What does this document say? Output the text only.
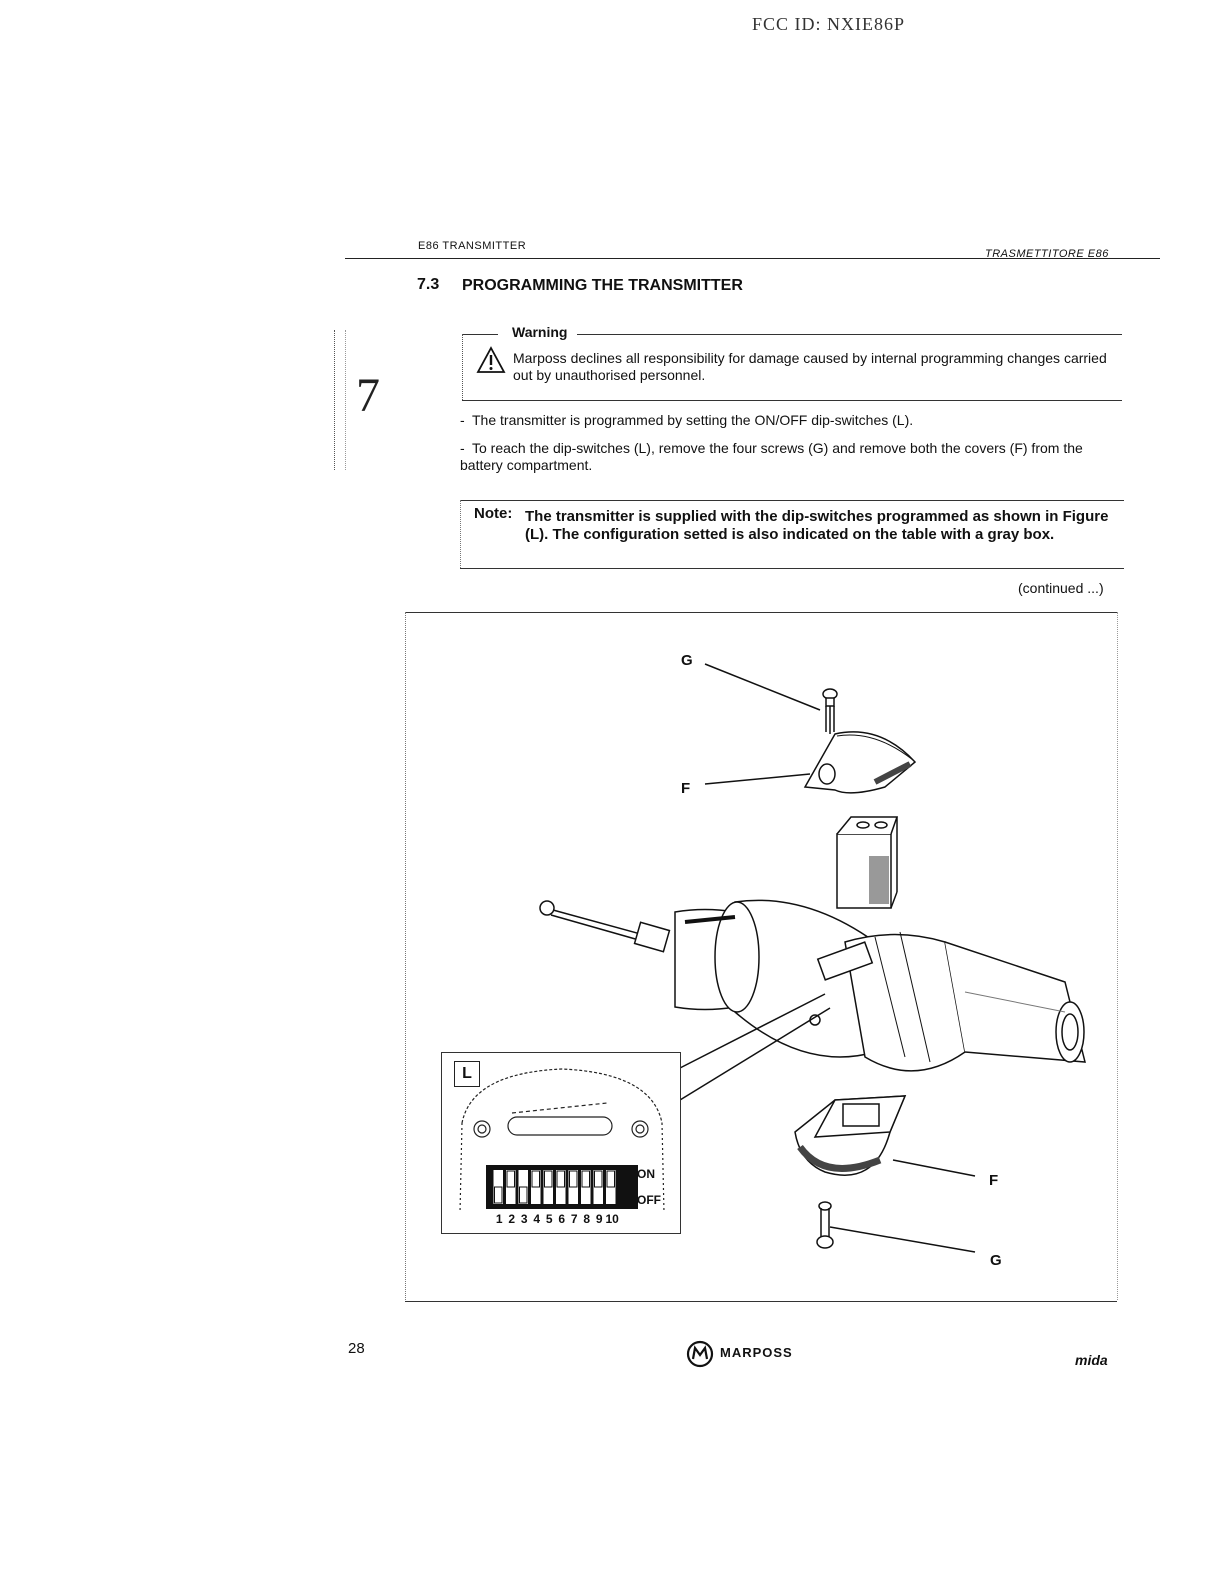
FCC ID: NXIE86P
E86 TRANSMITTER
TRASMETTITORE E86
7
7.3 PROGRAMMING THE TRANSMITTER
Warning
Marposs declines all responsibility for damage caused by internal programming changes carried out by unauthorised personnel.
- The transmitter is programmed by setting the ON/OFF dip-switches (L).
- To reach the dip-switches (L), remove the four screws (G) and remove both the covers (F) from the battery compartment.
Note: The transmitter is supplied with the dip-switches programmed as shown in Figure (L). The configuration setted is also indicated on the table with a gray box.
(continued ...)
G
F
F
G
L
ON
OFF
1 2 3 4 5 6 7 8 9 10
28	MARPOSS	mida
